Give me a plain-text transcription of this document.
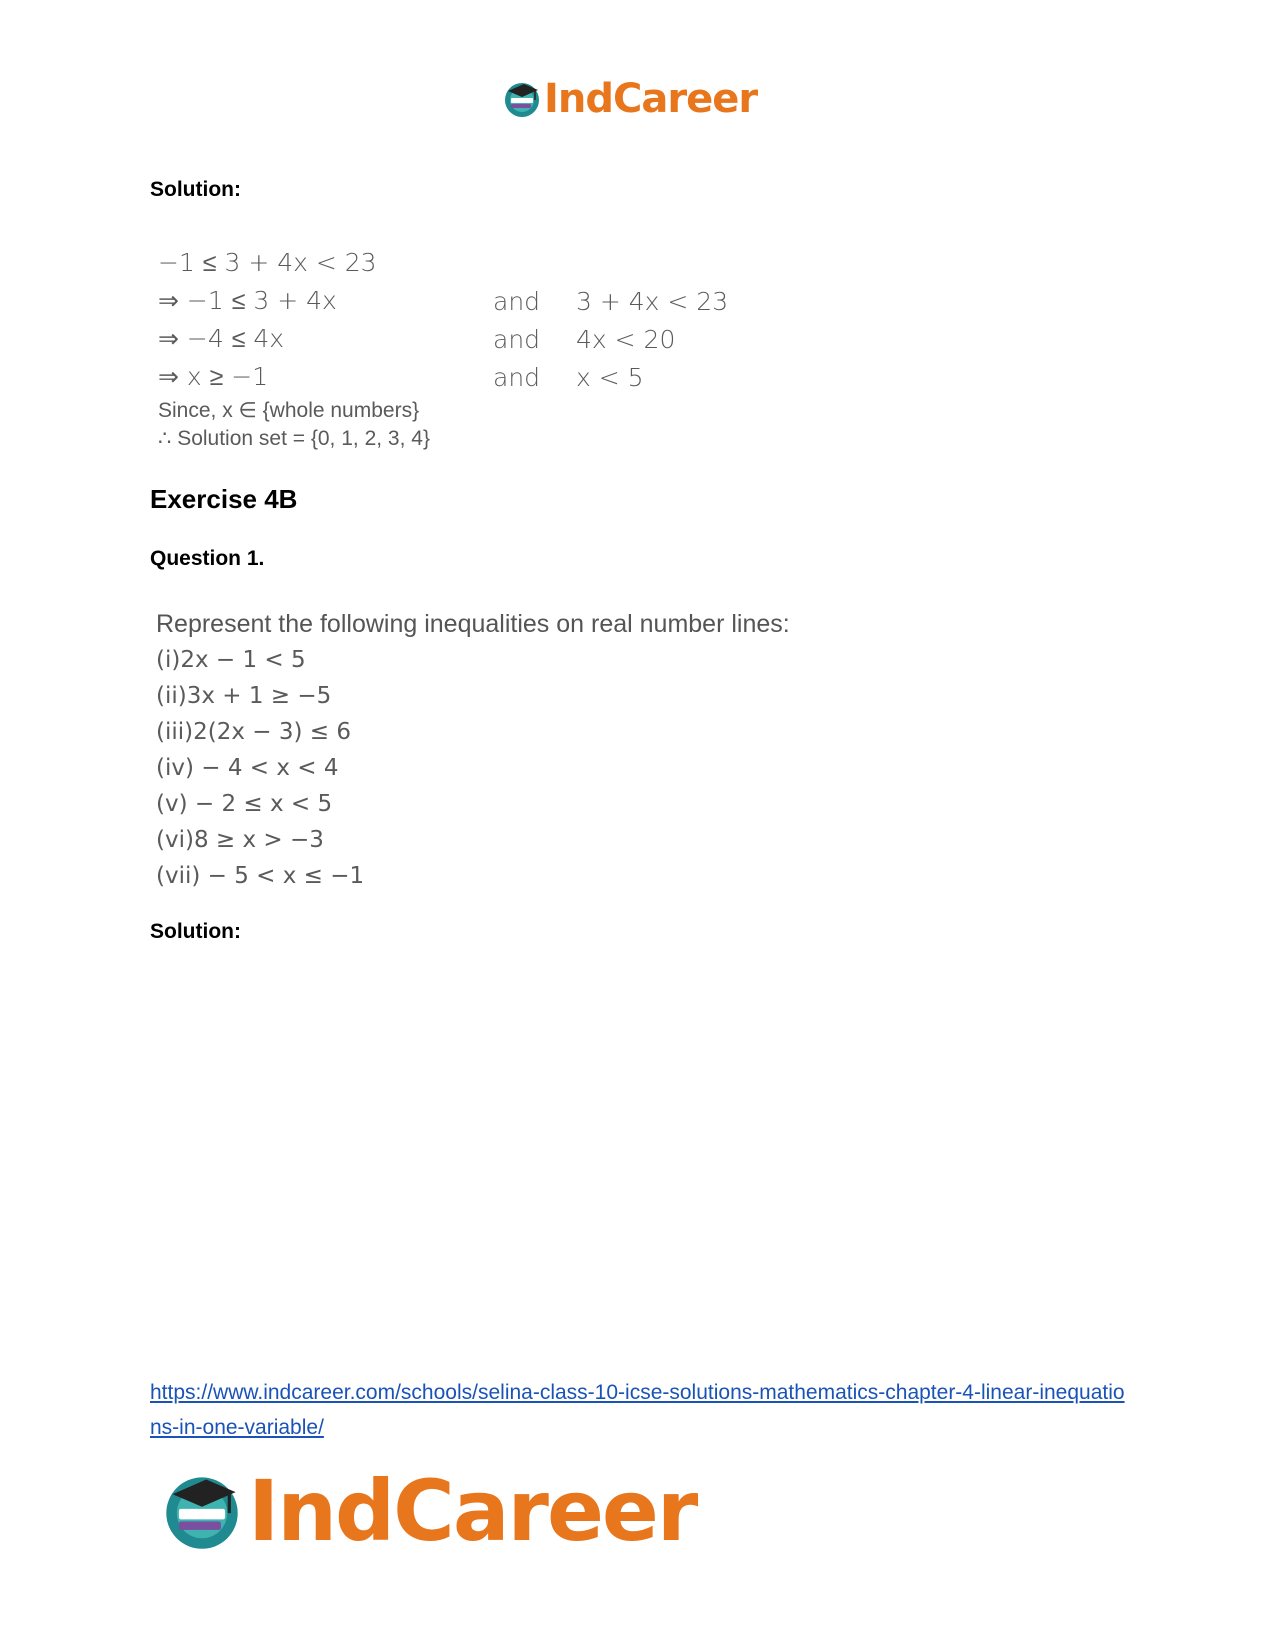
IndCareer

Solution:

−1 ≤ 3 + 4x < 23
⇒ −1 ≤ 3 + 4x	and	3 + 4x < 23
⇒ −4 ≤ 4x	and	4x < 20
⇒ x ≥ −1	and	x < 5
Since, x ∈ {whole numbers}
∴ Solution set = {0, 1, 2, 3, 4}

Exercise 4B

Question 1.

Represent the following inequalities on real number lines:
(i)2x − 1 < 5
(ii)3x + 1 ≥ −5
(iii)2(2x − 3) ≤ 6
(iv) − 4 < x < 4
(v) − 2 ≤ x < 5
(vi)8 ≥ x > −3
(vii) − 5 < x ≤ −1

Solution:

https://www.indcareer.com/schools/selina-class-10-icse-solutions-mathematics-chapter-4-linear-inequations-in-one-variable/
IndCareer
